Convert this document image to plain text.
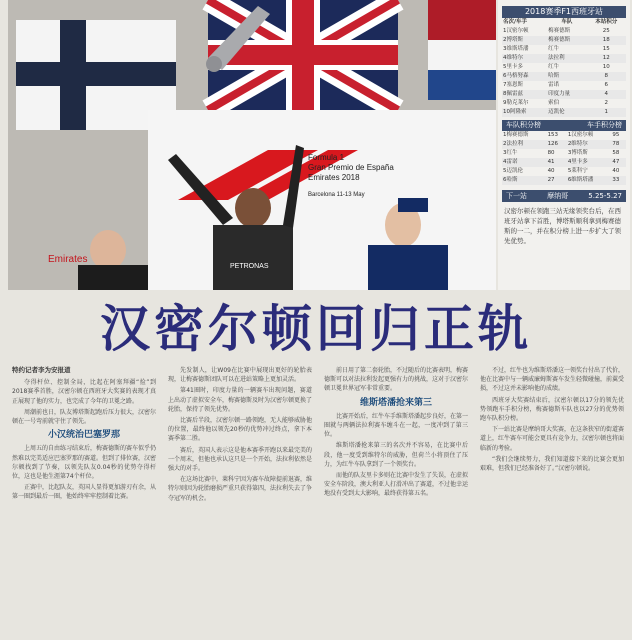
Formula 1
Gran Premio de España
Emirates 2018
Barcelona 11-13 May
Emirates
PETRONAS
2018赛季F1西班牙站
名次/车手	车队	本站积分
1汉密尔顿	梅赛德斯	25
2博塔斯	梅赛德斯	18
3维斯塔潘	红牛	15
4维特尔	法拉利	12
5里卡多	红牛	10
6马格努森	哈斯	8
7塞恩斯	雷诺	6
8佩雷兹	印度力量	4
9勒克莱尔	索伯	2
10阿隆索	迈凯伦	1
车队积分榜	车手积分榜
1梅赛德斯	153	1汉密尔顿	95
2法拉利	126	2维特尔	78
3红牛	80	3博塔斯	58
4雷诺	41	4里卡多	47
5迈凯伦	40	5莱科宁	40
6哈斯	27	6维斯塔潘	33
下一站	摩纳哥	5.25-5.27
汉密尔顿在领跑三站无缘领奖台后，在西班牙站拿下首胜，博塔斯顺利拿到梅赛德斯的一二，并在积分榜上进一步扩大了领先优势。
汉密尔顿回归正轨
特约记者李为安报道

夺得杆位、控制全局，比起在阿塞拜疆“捡”到2018赛季首胜，汉密尔顿在西班牙大奖赛的表现才真正展现了他的实力，也完成了今年的卫冕之路。

周潮前也日，队友博塔斯起跑后压力很大，汉密尔顿在一号弯前就守住了领先。

小汉统治巴塞罗那

上周五的自由练习结束后，梅赛德斯的赛车似乎仍然难以完美适应巴塞罗那的赛道。但到了排位赛，汉密尔顿找到了节奏，以领先队友0.04秒的优势夺得杆位，这也是他生涯第74个杆位。

正赛中，比起队友，英国人显得更加游刃有余，从第一圈到最后一圈，他始终牢牢控制着比赛。

先发制人，让W09在比赛中展现出更好的轮胎表现，让梅赛德斯团队可以在进站策略上更加灵活。

第41圈时，印度力量的一辆赛车出现问题，赛道上出动了虚拟安全车，梅赛德斯及时为汉密尔顿更换了轮胎，保持了领先优势。

比赛后半段，汉密尔顿一路领跑，无人能够威胁他的位置，最终他以领先20秒的优势冲过终点，拿下本赛季第二胜。

赛后，英国人表示这是他本赛季开跑以来最完美的一个周末，但他也承认这只是一个开始，法拉利依然是强大的对手。

在这场比赛中，莱科宁因为赛车故障提前退赛，维特尔则因为轮胎磨损严重只获得第四，法拉利失去了争夺冠军的机会。

前日用了第二套轮胎，不过随后的比赛表明，梅赛德斯可以对法拉利发起更强有力的挑战，这对于汉密尔顿卫冕世界冠军非常重要。

维斯塔潘抢来第三

比赛开始后，红牛车手维斯塔潘起步良好，在第一圈就与两辆法拉利赛车缠斗在一起，一度冲到了第三位。

维斯塔潘抢来第三的名次并不容易，在比赛中后段，他一度受到维特尔的威胁，但荷兰小将顶住了压力，为红牛车队拿到了一个领奖台。

而他的队友里卡多则在比赛中发生了失误，在虚拟安全车阶段，澳大利亚人打滑冲出了赛道，不过他幸运地没有受到太大影响，最终获得第五名。

不过，红牛也为维斯塔潘这一领奖台付出了代价，他在比赛中与一辆威廉姆斯赛车发生轻微碰撞，前翼受损，不过这并未影响他的成绩。

西班牙大奖赛结束后，汉密尔顿以17分的领先优势领跑车手积分榜，梅赛德斯车队也以27分的优势领跑车队积分榜。

下一站比赛是摩纳哥大奖赛，在这条狭窄的街道赛道上，红牛赛车可能会更具有竞争力，汉密尔顿也将面临新的考验。

“我们会继续努力，我们知道接下来的比赛会更加艰难，但我们已经准备好了。”汉密尔顿说。
